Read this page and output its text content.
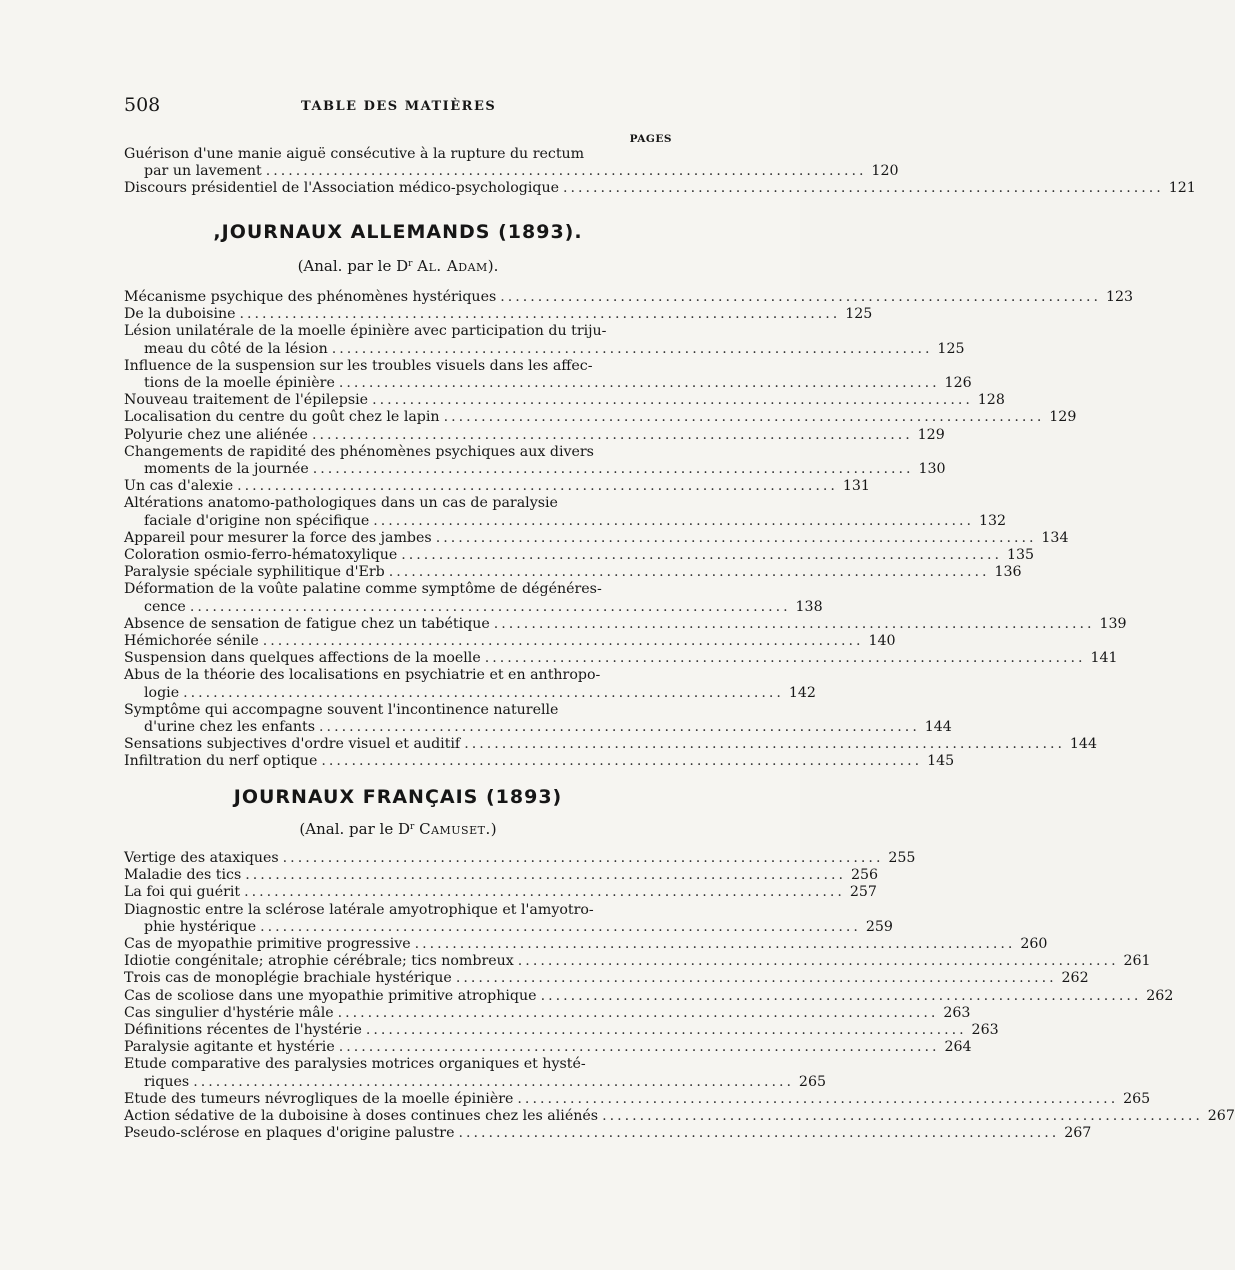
508	TABLE DES MATIÈRES
PAGES
Guérison d'une manie aiguë consécutive à la rupture du rectum
par un lavement ................................................................................ 120
Discours présidentiel de l'Association médico-psychologique ................................................................................ 121
,JOURNAUX ALLEMANDS (1893).
(Anal. par le $D^r$ Al. Adam).
Mécanisme psychique des phénomènes hystériques ................................................................................ 123
De la duboisine ................................................................................ 125
Lésion unilatérale de la moelle épinière avec participation du triju-
meau du côté de la lésion ................................................................................ 125
Influence de la suspension sur les troubles visuels dans les affec-
tions de la moelle épinière ................................................................................ 126
Nouveau traitement de l'épilepsie ................................................................................ 128
Localisation du centre du goût chez le lapin ................................................................................ 129
Polyurie chez une aliénée ................................................................................ 129
Changements de rapidité des phénomènes psychiques aux divers
moments de la journée ................................................................................ 130
Un cas d'alexie ................................................................................ 131
Altérations anatomo-pathologiques dans un cas de paralysie
faciale d'origine non spécifique ................................................................................ 132
Appareil pour mesurer la force des jambes ................................................................................ 134
Coloration osmio-ferro-hématoxylique ................................................................................ 135
Paralysie spéciale syphilitique d'Erb ................................................................................ 136
Déformation de la voûte palatine comme symptôme de dégénéres-
cence ................................................................................ 138
Absence de sensation de fatigue chez un tabétique ................................................................................ 139
Hémichorée sénile ................................................................................ 140
Suspension dans quelques affections de la moelle ................................................................................ 141
Abus de la théorie des localisations en psychiatrie et en anthropo-
logie ................................................................................ 142
Symptôme qui accompagne souvent l'incontinence naturelle
d'urine chez les enfants ................................................................................ 144
Sensations subjectives d'ordre visuel et auditif ................................................................................ 144
Infiltration du nerf optique ................................................................................ 145
JOURNAUX FRANÇAIS (1893)
(Anal. par le $D^r$ Camuset.)
Vertige des ataxiques ................................................................................ 255
Maladie des tics ................................................................................ 256
La foi qui guérit ................................................................................ 257
Diagnostic entre la sclérose latérale amyotrophique et l'amyotro-
phie hystérique ................................................................................ 259
Cas de myopathie primitive progressive ................................................................................ 260
Idiotie congénitale; atrophie cérébrale; tics nombreux ................................................................................ 261
Trois cas de monoplégie brachiale hystérique ................................................................................ 262
Cas de scoliose dans une myopathie primitive atrophique ................................................................................ 262
Cas singulier d'hystérie mâle ................................................................................ 263
Définitions récentes de l'hystérie ................................................................................ 263
Paralysie agitante et hystérie ................................................................................ 264
Etude comparative des paralysies motrices organiques et hysté-
riques ................................................................................ 265
Etude des tumeurs névrogliques de la moelle épinière ................................................................................ 265
Action sédative de la duboisine à doses continues chez les aliénés ................................................................................ 267
Pseudo-sclérose en plaques d'origine palustre ................................................................................ 267
